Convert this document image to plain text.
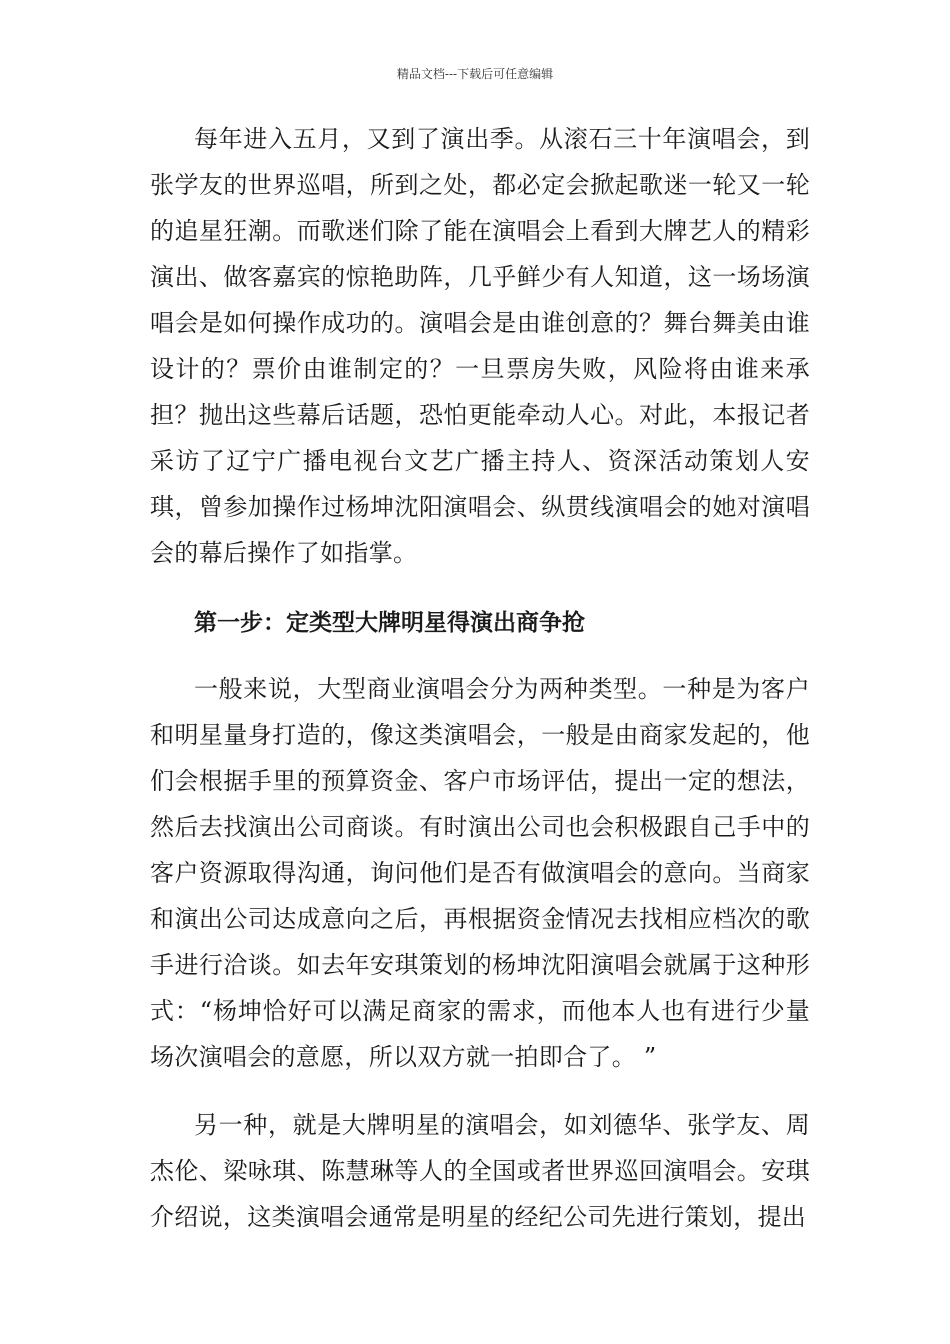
精品文档---下载后可任意编辑

每年进入五月，又到了演出季。从滚石三十年演唱会，到张学友的世界巡唱，所到之处，都必定会掀起歌迷一轮又一轮的追星狂潮。而歌迷们除了能在演唱会上看到大牌艺人的精彩演出、做客嘉宾的惊艳助阵，几乎鲜少有人知道，这一场场演唱会是如何操作成功的。演唱会是由谁创意的？舞台舞美由谁设计的？票价由谁制定的？一旦票房失败，风险将由谁来承担？抛出这些幕后话题，恐怕更能牵动人心。对此，本报记者采访了辽宁广播电视台文艺广播主持人、资深活动策划人安琪，曾参加操作过杨坤沈阳演唱会、纵贯线演唱会的她对演唱会的幕后操作了如指掌。

第一步：定类型大牌明星得演出商争抢

一般来说，大型商业演唱会分为两种类型。一种是为客户和明星量身打造的，像这类演唱会，一般是由商家发起的，他们会根据手里的预算资金、客户市场评估，提出一定的想法，然后去找演出公司商谈。有时演出公司也会积极跟自己手中的客户资源取得沟通，询问他们是否有做演唱会的意向。当商家和演出公司达成意向之后，再根据资金情况去找相应档次的歌手进行洽谈。如去年安琪策划的杨坤沈阳演唱会就属于这种形式：“杨坤恰好可以满足商家的需求，而他本人也有进行少量场次演唱会的意愿，所以双方就一拍即合了。 ”

另一种，就是大牌明星的演唱会，如刘德华、张学友、周杰伦、梁咏琪、陈慧琳等人的全国或者世界巡回演唱会。安琪介绍说，这类演唱会通常是明星的经纪公司先进行策划，提出
